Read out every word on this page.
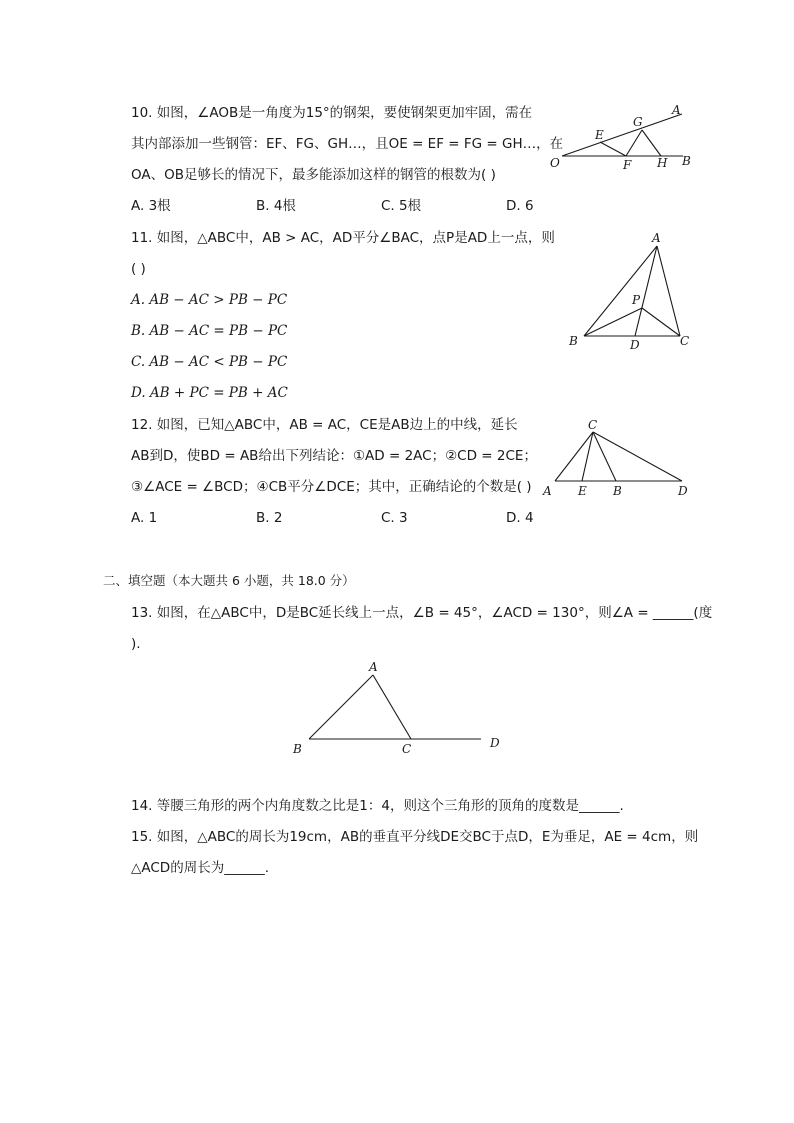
10. 如图，∠AOB是一角度为15°的钢架，要使钢架更加牢固，需在
其内部添加一些钢管：EF、FG、GH…，且OE = EF = FG = GH…，在
OA、OB足够长的情况下，最多能添加这样的钢管的根数为( )
A. 3根	B. 4根	C. 5根	D. 6
A
G
E
O	F H B
11. 如图，△ABC中，AB > AC，AD平分∠BAC，点P是AD上一点，则
( )
A. AB − AC > PB − PC
B. AB − AC = PB − PC
C. AB − AC < PB − PC
D. AB + PC = PB + AC
A
P
B	D	C
12. 如图，已知△ABC中，AB = AC，CE是AB边上的中线，延长
AB到D，使BD = AB给出下列结论：①AD = 2AC；②CD = 2CE；
③∠ACE = ∠BCD；④CB平分∠DCE；其中，正确结论的个数是( )
A. 1	B. 2	C. 3	D. 4
C
A E B	D
二、填空题（本大题共 6 小题，共 18.0 分）
13. 如图，在△ABC中，D是BC延长线上一点，∠B = 45°，∠ACD = 130°，则∠A = ______(度
).
A
B	C	D
14. 等腰三角形的两个内角度数之比是1：4，则这个三角形的顶角的度数是______.
15. 如图，△ABC的周长为19cm，AB的垂直平分线DE交BC于点D，E为垂足，AE = 4cm，则
△ACD的周长为______.
